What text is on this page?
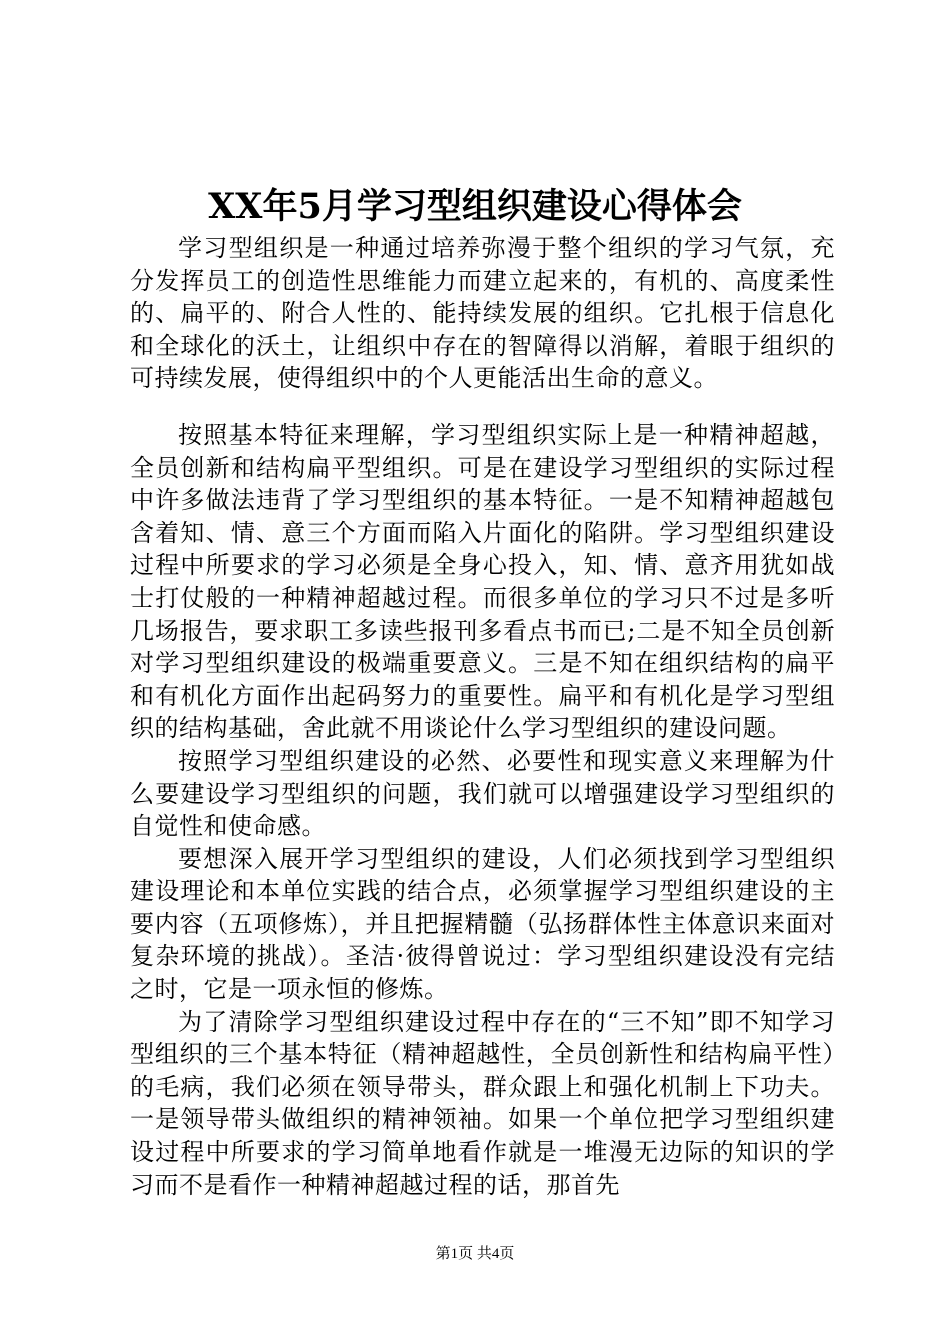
XX年5月学习型组织建设心得体会

学习型组织是一种通过培养弥漫于整个组织的学习气氛，充分发挥员工的创造性思维能力而建立起来的，有机的、高度柔性的、扁平的、附合人性的、能持续发展的组织。它扎根于信息化和全球化的沃土，让组织中存在的智障得以消解，着眼于组织的可持续发展，使得组织中的个人更能活出生命的意义。

按照基本特征来理解，学习型组织实际上是一种精神超越，全员创新和结构扁平型组织。可是在建设学习型组织的实际过程中许多做法违背了学习型组织的基本特征。一是不知精神超越包含着知、情、意三个方面而陷入片面化的陷阱。学习型组织建设过程中所要求的学习必须是全身心投入，知、情、意齐用犹如战士打仗般的一种精神超越过程。而很多单位的学习只不过是多听几场报告，要求职工多读些报刊多看点书而已;二是不知全员创新对学习型组织建设的极端重要意义。三是不知在组织结构的扁平和有机化方面作出起码努力的重要性。扁平和有机化是学习型组织的结构基础，舍此就不用谈论什么学习型组织的建设问题。

按照学习型组织建设的必然、必要性和现实意义来理解为什么要建设学习型组织的问题，我们就可以增强建设学习型组织的自觉性和使命感。

要想深入展开学习型组织的建设，人们必须找到学习型组织建设理论和本单位实践的结合点，必须掌握学习型组织建设的主要内容（五项修炼），并且把握精髓（弘扬群体性主体意识来面对复杂环境的挑战）。圣洁·彼得曾说过：学习型组织建设没有完结之时，它是一项永恒的修炼。

为了清除学习型组织建设过程中存在的“三不知”即不知学习型组织的三个基本特征（精神超越性，全员创新性和结构扁平性）的毛病，我们必须在领导带头，群众跟上和强化机制上下功夫。一是领导带头做组织的精神领袖。如果一个单位把学习型组织建设过程中所要求的学习简单地看作就是一堆漫无边际的知识的学习而不是看作一种精神超越过程的话，那首先

第1页 共4页
